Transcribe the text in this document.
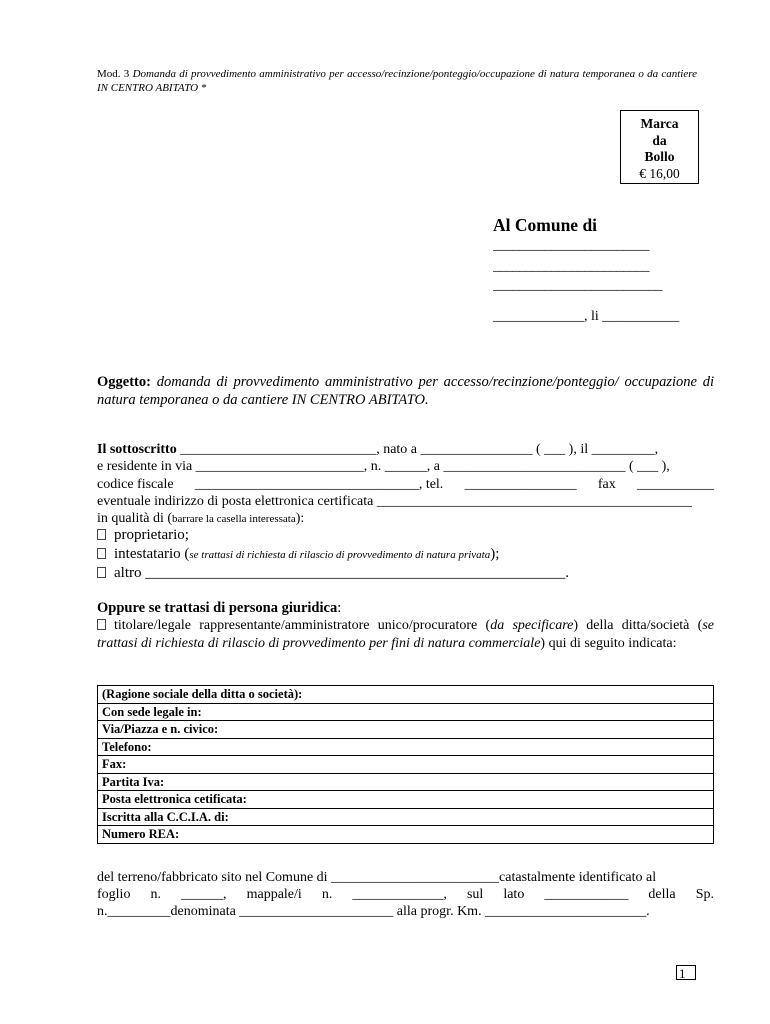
Mod. 3 Domanda di provvedimento amministrativo per accesso/recinzione/ponteggio/occupazione di natura temporanea o da cantiere IN CENTRO ABITATO *
Marca
da
Bollo
€ 16,00
Al Comune di
________________________
________________________
__________________________
_____________, li ___________
Oggetto: domanda di provvedimento amministrativo per accesso/recinzione/ponteggio/ occupazione di natura temporanea o da cantiere IN CENTRO ABITATO.
Il sottoscritto ____________________________, nato a ________________ ( ___ ), il _________,
e residente in via ________________________, n. ______, a __________________________ ( ___ ),
codice fiscale ________________________________, tel. ________________ fax ___________
eventuale indirizzo di posta elettronica certificata _____________________________________________
in qualità di (barrare la casella interessata):
proprietario;
intestatario (se trattasi di richiesta di rilascio di provvedimento di natura privata);
altro ________________________________________________________.
Oppure se trattasi di persona giuridica:
titolare/legale rappresentante/amministratore unico/procuratore (da specificare) della ditta/società (se trattasi di richiesta di rilascio di provvedimento per fini di natura commerciale) qui di seguito indicata:
(Ragione sociale della ditta o società):
Con sede legale in:
Via/Piazza e n. civico:
Telefono:
Fax:
Partita Iva:
Posta elettronica cetificata:
Iscritta alla C.C.I.A. di:
Numero REA:
del terreno/fabbricato sito nel Comune di ________________________catastalmente identificato al
foglio n. ______, mappale/i n. _____________, sul lato ____________ della Sp.
n._________denominata ______________________ alla progr. Km. _______________________.
1
